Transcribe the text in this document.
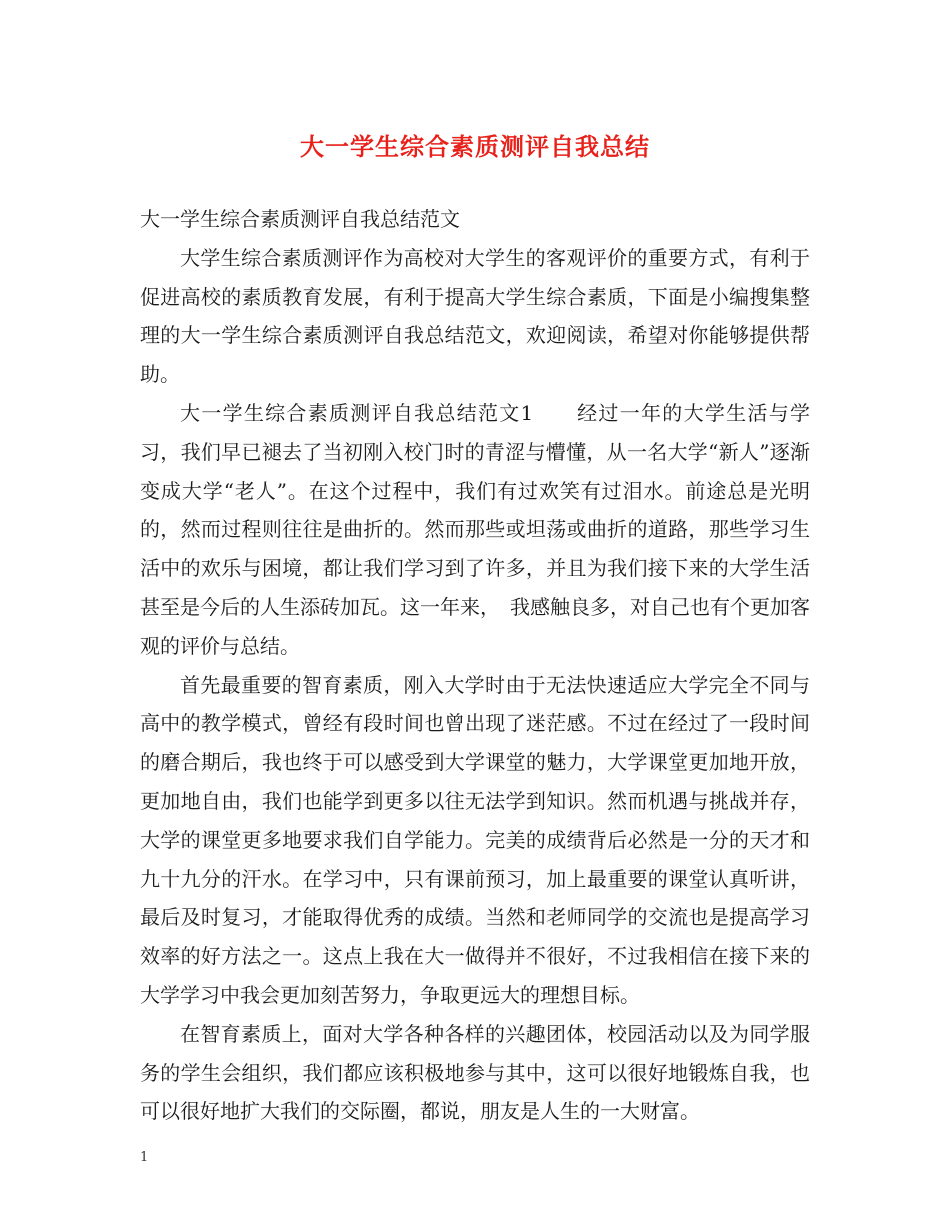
大一学生综合素质测评自我总结

大一学生综合素质测评自我总结范文

大学生综合素质测评作为高校对大学生的客观评价的重要方式，有利于促进高校的素质教育发展，有利于提高大学生综合素质，下面是小编搜集整理的大一学生综合素质测评自我总结范文，欢迎阅读，希望对你能够提供帮助。

大一学生综合素质测评自我总结范文1　　经过一年的大学生活与学习，我们早已褪去了当初刚入校门时的青涩与懵懂，从一名大学“新人”逐渐变成大学“老人”。在这个过程中，我们有过欢笑有过泪水。前途总是光明的，然而过程则往往是曲折的。然而那些或坦荡或曲折的道路，那些学习生活中的欢乐与困境，都让我们学习到了许多，并且为我们接下来的大学生活甚至是今后的人生添砖加瓦。这一年来，　我感触良多，对自己也有个更加客观的评价与总结。

首先最重要的智育素质，刚入大学时由于无法快速适应大学完全不同与高中的教学模式，曾经有段时间也曾出现了迷茫感。不过在经过了一段时间的磨合期后，我也终于可以感受到大学课堂的魅力，大学课堂更加地开放，更加地自由，我们也能学到更多以往无法学到知识。然而机遇与挑战并存，大学的课堂更多地要求我们自学能力。完美的成绩背后必然是一分的天才和九十九分的汗水。在学习中，只有课前预习，加上最重要的课堂认真听讲，最后及时复习，才能取得优秀的成绩。当然和老师同学的交流也是提高学习效率的好方法之一。这点上我在大一做得并不很好，不过我相信在接下来的大学学习中我会更加刻苦努力，争取更远大的理想目标。

在智育素质上，面对大学各种各样的兴趣团体，校园活动以及为同学服务的学生会组织，我们都应该积极地参与其中，这可以很好地锻炼自我，也可以很好地扩大我们的交际圈，都说，朋友是人生的一大财富。

1
